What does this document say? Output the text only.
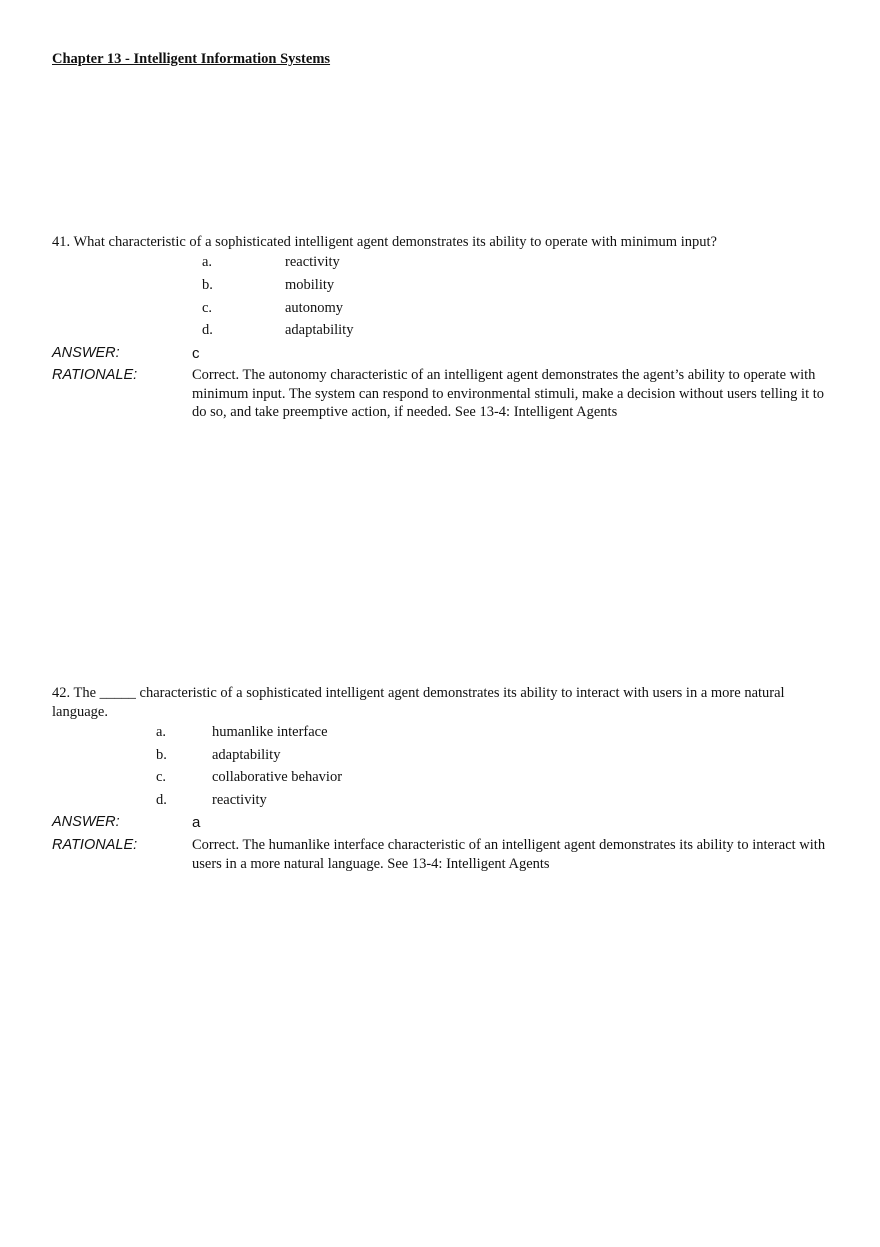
Chapter 13 - Intelligent Information Systems

41. What characteristic of a sophisticated intelligent agent demonstrates its ability to operate with minimum input?

a.	reactivity
b.	mobility
c.	autonomy
d.	adaptability
ANSWER:	c
RATIONALE:	Correct. The autonomy characteristic of an intelligent agent demonstrates the agent’s ability to operate with minimum input. The system can respond to environmental stimuli, make a decision without users telling it to do so, and take preemptive action, if needed. See 13-4: Intelligent Agents

42. The _____ characteristic of a sophisticated intelligent agent demonstrates its ability to interact with users in a more natural language.

a.	humanlike interface
b.	adaptability
c.	collaborative behavior
d.	reactivity
ANSWER:	a
RATIONALE:	Correct. The humanlike interface characteristic of an intelligent agent demonstrates its ability to interact with users in a more natural language. See 13-4: Intelligent Agents
